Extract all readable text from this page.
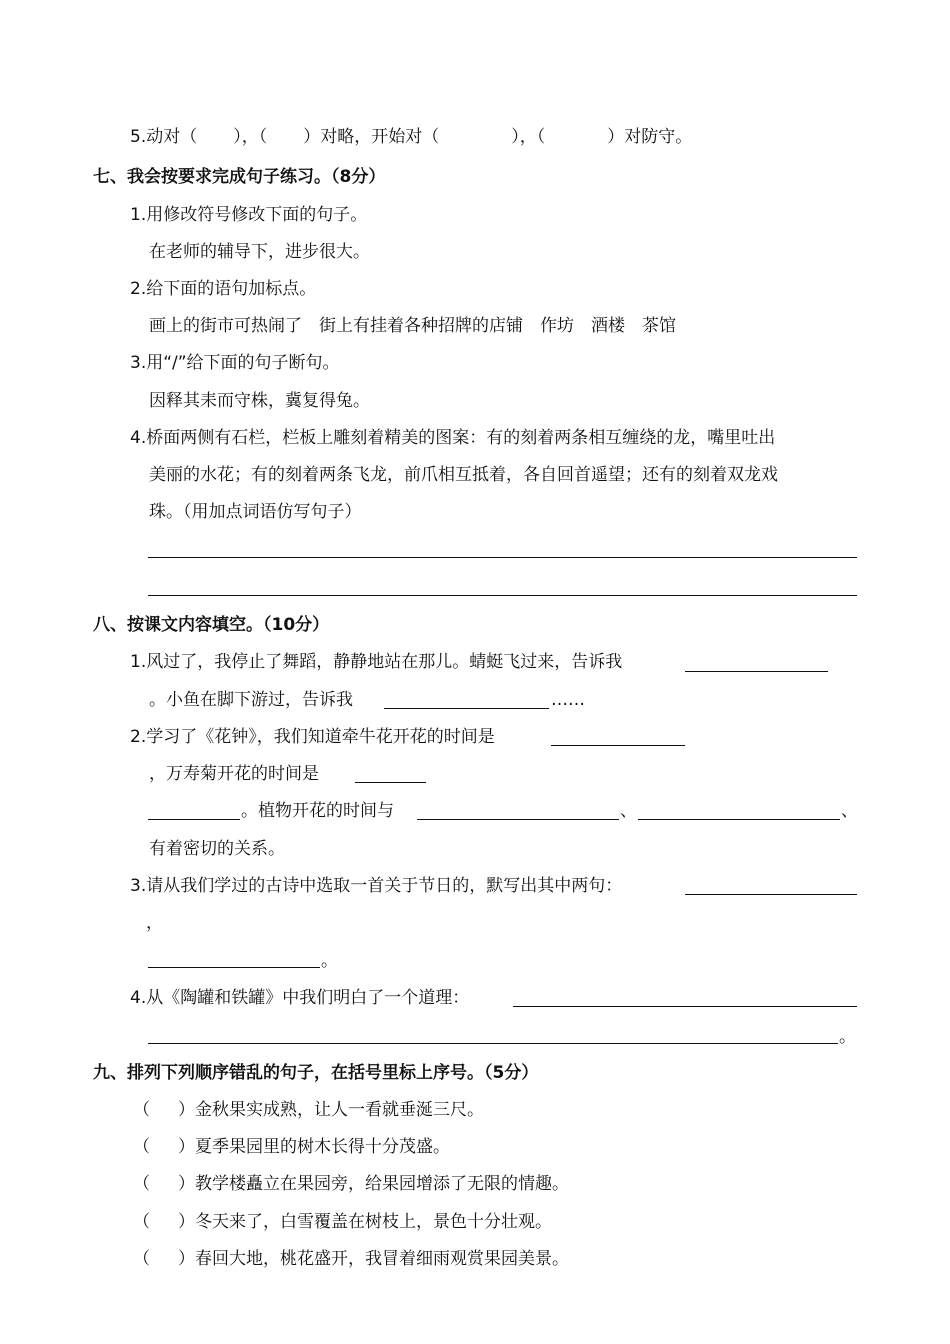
5.动对（ ），（ ）对略，开始对（	），（	）对防守。
七、我会按要求完成句子练习。（8分）
1.用修改符号修改下面的句子。
在老师的辅导下，进步很大。
2.给下面的语句加标点。
画上的街市可热闹了　街上有挂着各种招牌的店铺　作坊　酒楼　茶馆
3.用“/”给下面的句子断句。
因释其耒而守株，冀复得兔。
4.桥面两侧有石栏，栏板上雕刻着精美的图案：有的刻着两条相互缠绕的龙，嘴里吐出
美丽的水花；有的刻着两条飞龙，前爪相互抵着，各自回首遥望；还有的刻着双龙戏
珠。（用加点词语仿写句子）
八、按课文内容填空。（10分）
1.风过了，我停止了舞蹈，静静地站在那儿。蜻蜓飞过来，告诉我
。小鱼在脚下游过，告诉我	……
2.学习了《花钟》，我们知道牵牛花开花的时间是
，万寿菊开花的时间是
。植物开花的时间与	、	、
有着密切的关系。
3.请从我们学过的古诗中选取一首关于节日的，默写出其中两句：
，
。
4.从《陶罐和铁罐》中我们明白了一个道理：
。
九、排列下列顺序错乱的句子，在括号里标上序号。（5分）
（ ）金秋果实成熟，让人一看就垂涎三尺。
（ ）夏季果园里的树木长得十分茂盛。
（ ）教学楼矗立在果园旁，给果园增添了无限的情趣。
（ ）冬天来了，白雪覆盖在树枝上，景色十分壮观。
（ ）春回大地，桃花盛开，我冒着细雨观赏果园美景。
